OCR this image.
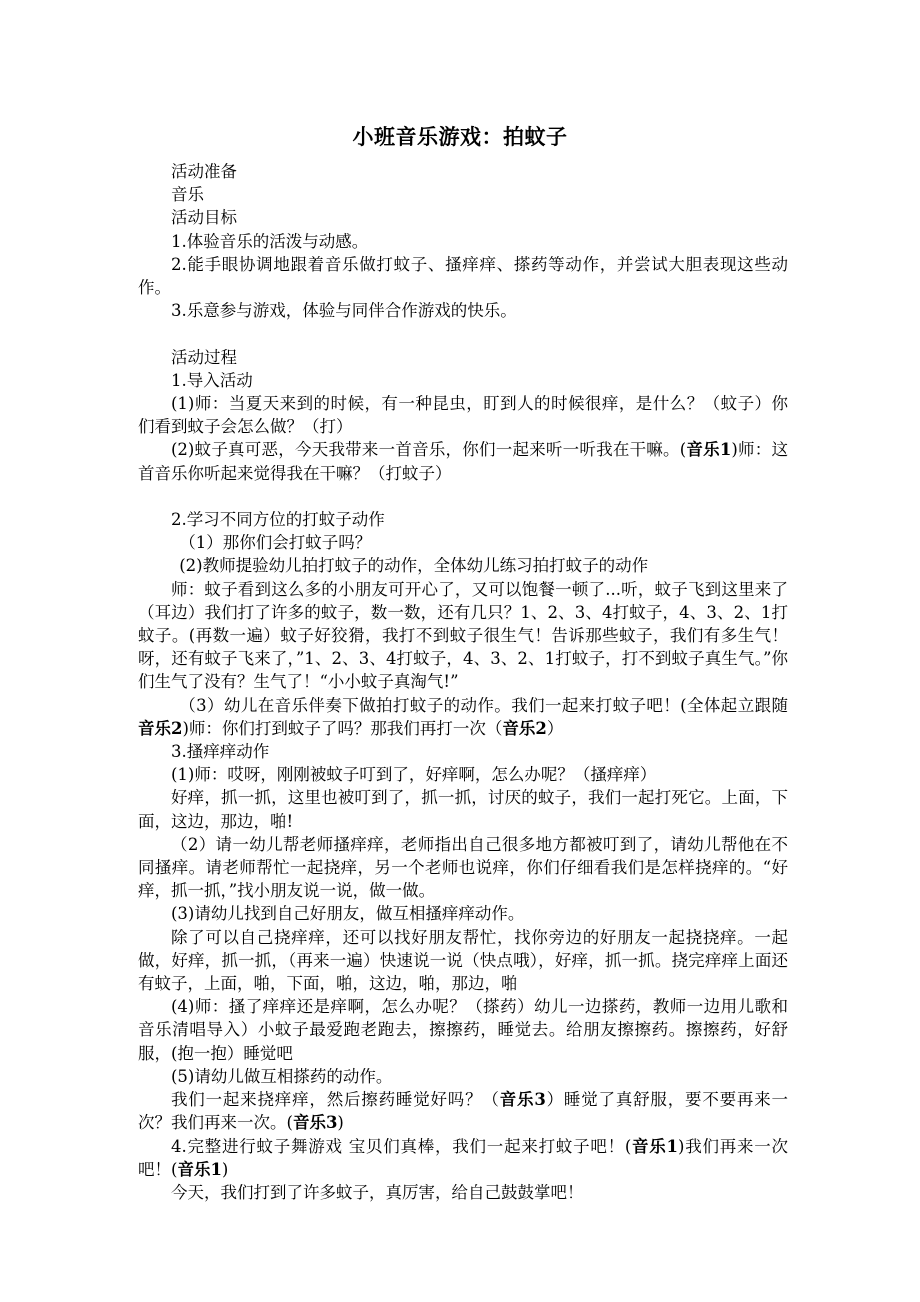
小班音乐游戏：拍蚊子

活动准备

音乐

活动目标

1.体验音乐的活泼与动感。

2.能手眼协调地跟着音乐做打蚊子、搔痒痒、搽药等动作，并尝试大胆表现这些动作。

3.乐意参与游戏，体验与同伴合作游戏的快乐。

活动过程

1.导入活动

(1)师：当夏天来到的时候，有一种昆虫，盯到人的时候很痒，是什么？（蚊子）你们看到蚊子会怎么做？（打）

(2)蚊子真可恶，今天我带来一首音乐，你们一起来听一听我在干嘛。(音乐1)师：这首音乐你听起来觉得我在干嘛？（打蚊子）

2.学习不同方位的打蚊子动作

（1）那你们会打蚊子吗？

(2)教师提验幼儿拍打蚊子的动作，全体幼儿练习拍打蚊子的动作

师：蚊子看到这么多的小朋友可开心了，又可以饱餐一顿了...听，蚊子飞到这里来了（耳边）我们打了许多的蚊子，数一数，还有几只？1、2、3、4打蚊子，4、3、2、1打蚊子。(再数一遍）蚊子好狡猾，我打不到蚊子很生气！告诉那些蚊子，我们有多生气！呀，还有蚊子飞来了，”1、2、3、4打蚊子，4、3、2、1打蚊子，打不到蚊子真生气。”你们生气了没有？生气了！“小小蚊子真淘气!”

（3）幼儿在音乐伴奏下做拍打蚊子的动作。我们一起来打蚊子吧！(全体起立跟随音乐2)师：你们打到蚊子了吗？那我们再打一次（音乐2）

3.搔痒痒动作

(1)师：哎呀，刚刚被蚊子叮到了，好痒啊，怎么办呢？（搔痒痒）

好痒，抓一抓，这里也被叮到了，抓一抓，讨厌的蚊子，我们一起打死它。上面，下面，这边，那边，啪!

（2）请一幼儿帮老师搔痒痒，老师指出自己很多地方都被叮到了，请幼儿帮他在不同搔痒。请老师帮忙一起挠痒，另一个老师也说痒，你们仔细看我们是怎样挠痒的。“好痒，抓一抓，”找小朋友说一说，做一做。

(3)请幼儿找到自己好朋友，做互相搔痒痒动作。

除了可以自己挠痒痒，还可以找好朋友帮忙，找你旁边的好朋友一起挠挠痒。一起做，好痒，抓一抓，（再来一遍）快速说一说（快点哦），好痒，抓一抓。挠完痒痒上面还有蚊子，上面，啪，下面，啪，这边，啪，那边，啪

(4)师：搔了痒痒还是痒啊，怎么办呢？（搽药）幼儿一边搽药，教师一边用儿歌和音乐清唱导入）小蚊子最爱跑老跑去，擦擦药，睡觉去。给朋友擦擦药。擦擦药，好舒服，(抱一抱）睡觉吧

(5)请幼儿做互相搽药的动作。

我们一起来挠痒痒，然后擦药睡觉好吗？（音乐3）睡觉了真舒服，要不要再来一次？我们再来一次。(音乐3)

4.完整进行蚊子舞游戏 宝贝们真棒，我们一起来打蚊子吧！(音乐1)我们再来一次吧！(音乐1)

今天，我们打到了许多蚊子，真厉害，给自己鼓鼓掌吧！
